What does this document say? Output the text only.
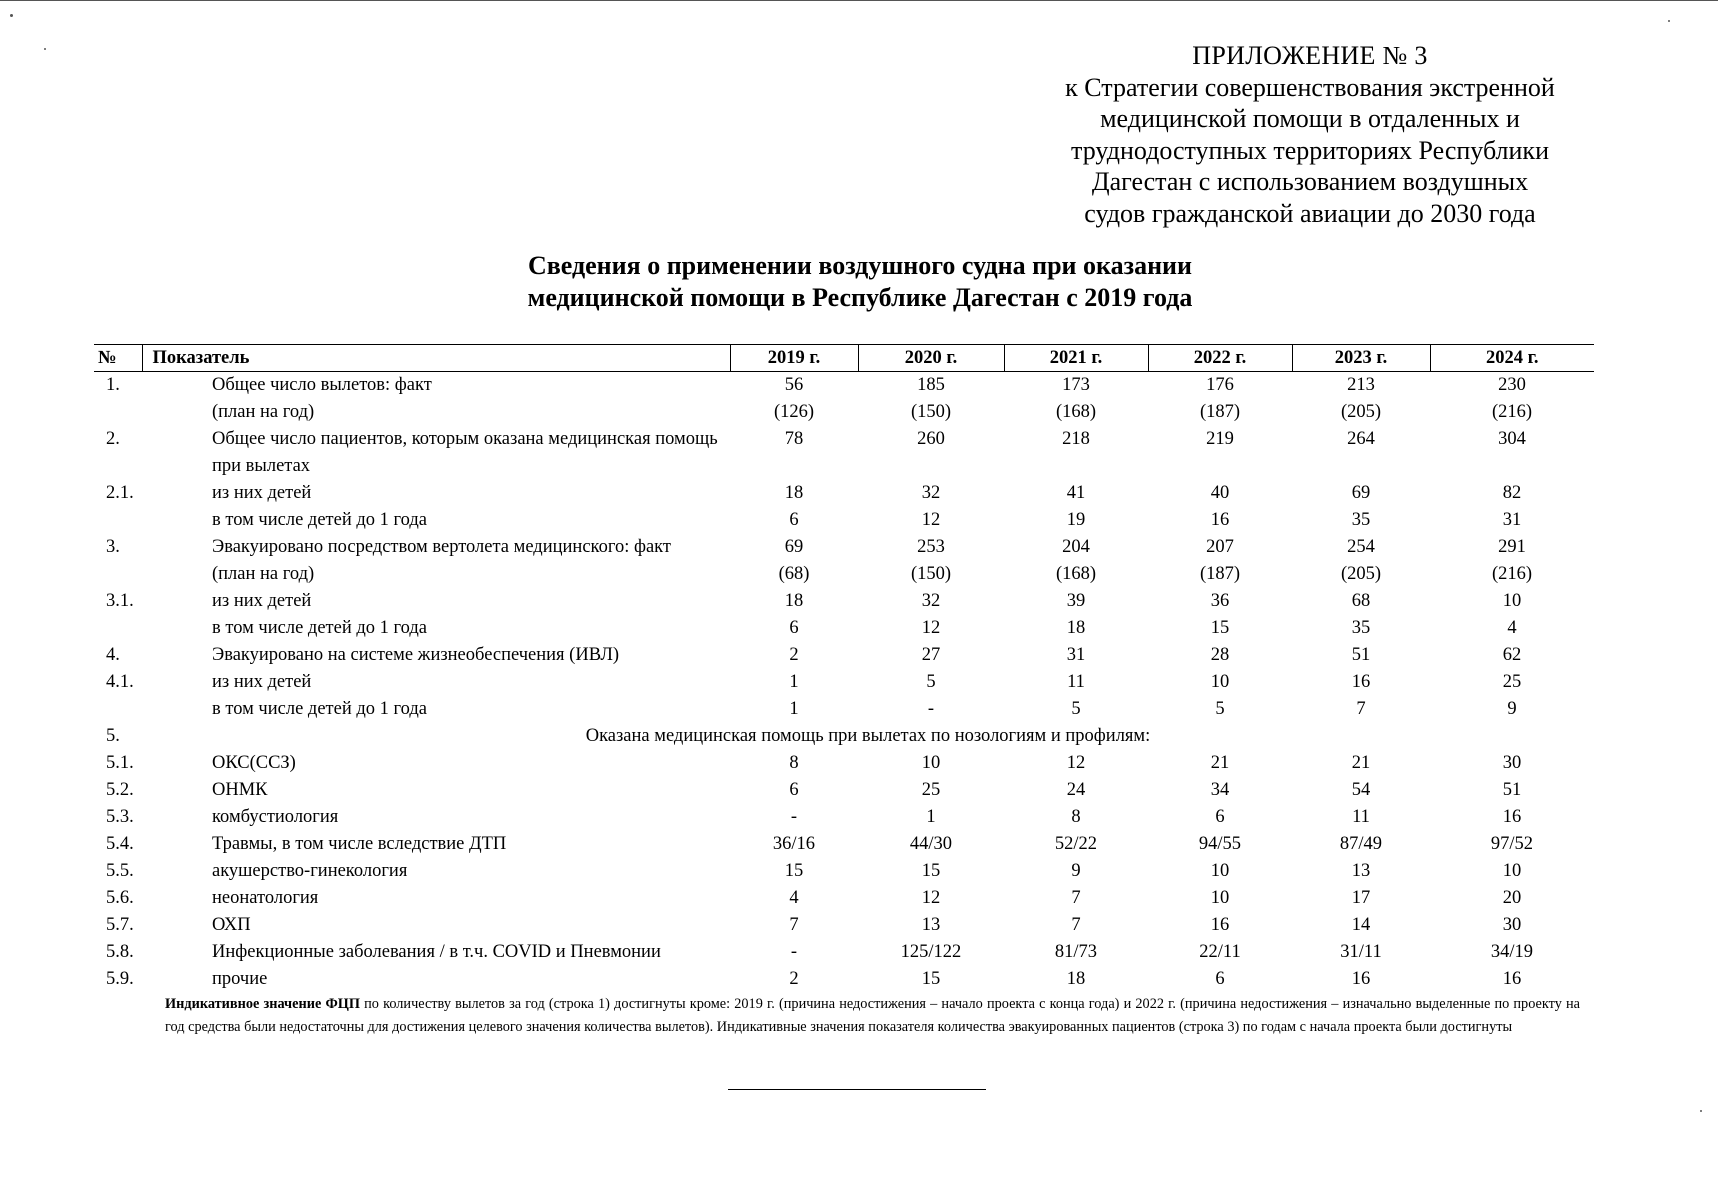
ПРИЛОЖЕНИЕ № 3
к Стратегии совершенствования экстренной
медицинской помощи в отдаленных и
труднодоступных территориях Республики
Дагестан с использованием воздушных
судов гражданской авиации до 2030 года
Сведения о применении воздушного судна при оказании
медицинской помощи в Республике Дагестан с 2019 года
№	Показатель	2019 г.	2020 г.	2021 г.	2022 г.	2023 г.	2024 г.
1.	Общее число вылетов: факт	56	185	173	176	213	230
	(план на год)	(126)	(150)	(168)	(187)	(205)	(216)
2.	Общее число пациентов, которым оказана медицинская помощь	78	260	218	219	264	304
	при вылетах						
2.1.	из них детей	18	32	41	40	69	82
	в том числе детей до 1 года	6	12	19	16	35	31
3.	Эвакуировано посредством вертолета медицинского: факт	69	253	204	207	254	291
	(план на год)	(68)	(150)	(168)	(187)	(205)	(216)
3.1.	из них детей	18	32	39	36	68	10
	в том числе детей до 1 года	6	12	18	15	35	4
4.	Эвакуировано на системе жизнеобеспечения (ИВЛ)	2	27	31	28	51	62
4.1.	из них детей	1	5	11	10	16	25
	в том числе детей до 1 года	1	-	5	5	7	9
5.	Оказана медицинская помощь при вылетах по нозологиям и профилям:						
5.1.	ОКС(ССЗ)	8	10	12	21	21	30
5.2.	ОНМК	6	25	24	34	54	51
5.3.	комбустиология	-	1	8	6	11	16
5.4.	Травмы, в том числе вследствие ДТП	36/16	44/30	52/22	94/55	87/49	97/52
5.5.	акушерство-гинекология	15	15	9	10	13	10
5.6.	неонатология	4	12	7	10	17	20
5.7.	ОХП	7	13	7	16	14	30
5.8.	Инфекционные заболевания / в т.ч. COVID и Пневмонии	-	125/122	81/73	22/11	31/11	34/19
5.9.	прочие	2	15	18	6	16	16
Индикативное значение ФЦП по количеству вылетов за год (строка 1) достигнуты кроме: 2019 г. (причина недостижения – начало проекта с конца года) и 2022 г. (причина недостижения – изначально выделенные по проекту на год средства были недостаточны для достижения целевого значения количества вылетов). Индикативные значения показателя количества эвакуированных пациентов (строка 3) по годам с начала проекта были достигнуты
